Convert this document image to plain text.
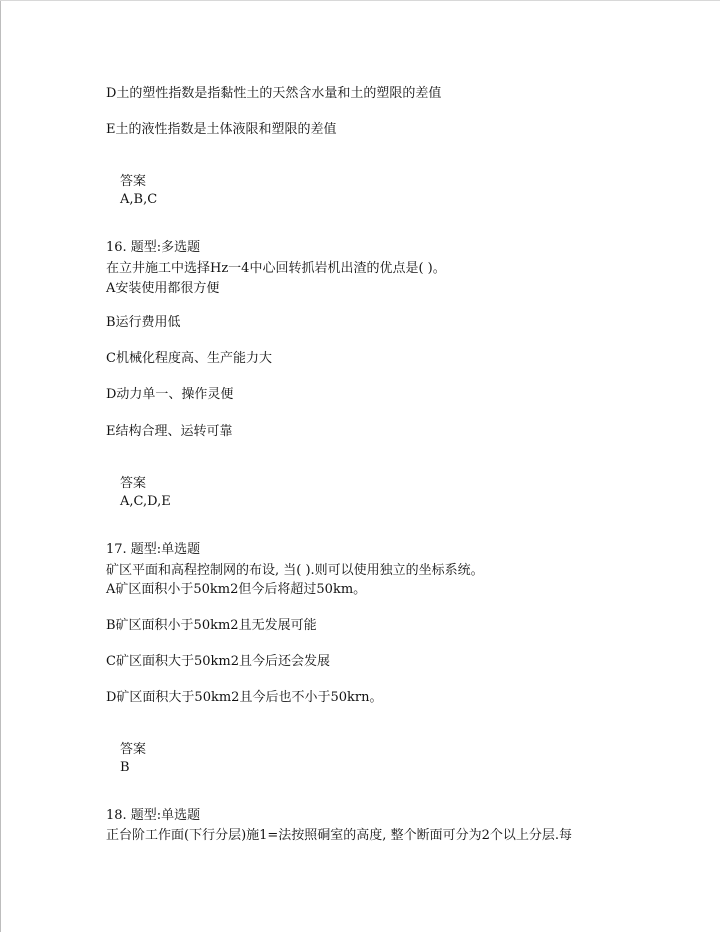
D土的塑性指数是指黏性土的天然含水量和土的塑限的差值
E土的液性指数是土体液限和塑限的差值
答案
A,B,C
16. 题型:多选题
在立井施工中选择Hz一4中心回转抓岩机出渣的优点是( )。
A安装使用都很方便
B运行费用低
C机械化程度高、生产能力大
D动力单一、操作灵便
E结构合理、运转可靠
答案
A,C,D,E
17. 题型:单选题
矿区平面和高程控制网的布设, 当( ).则可以使用独立的坐标系统。
A矿区面积小于50km2但今后将超过50km。
B矿区面积小于50km2且无发展可能
C矿区面积大于50km2且今后还会发展
D矿区面积大于50km2且今后也不小于50krn。
答案
B
18. 题型:单选题
正台阶工作面(下行分层)施1=法按照硐室的高度, 整个断面可分为2个以上分层.每
